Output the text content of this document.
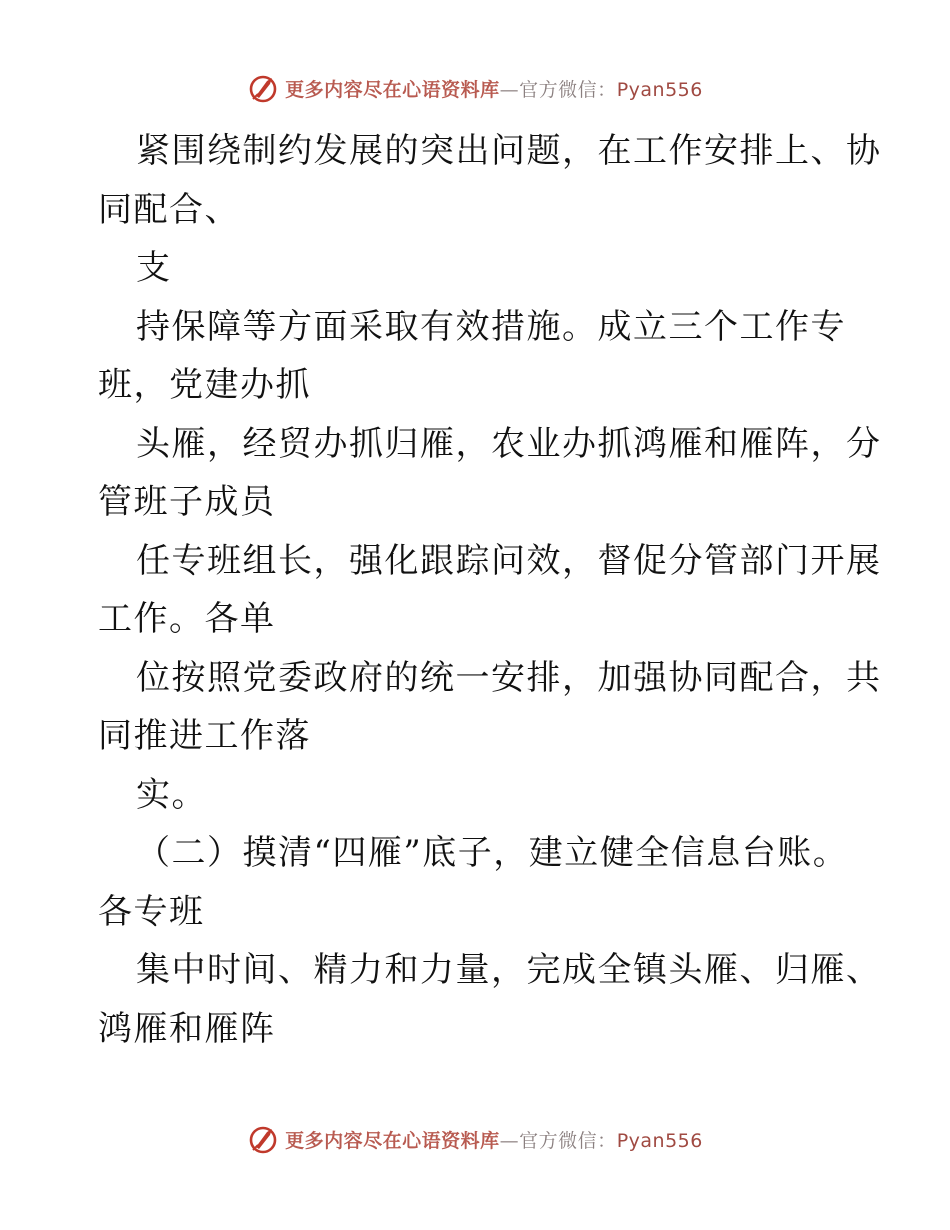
更多内容尽在心语资料库—官方微信：Pyan556
紧围绕制约发展的突出问题，在工作安排上、协
同配合、
支
持保障等方面采取有效措施。成立三个工作专
班，党建办抓
头雁，经贸办抓归雁，农业办抓鸿雁和雁阵，分
管班子成员
任专班组长，强化跟踪问效，督促分管部门开展
工作。各单
位按照党委政府的统一安排，加强协同配合，共
同推进工作落
实。
（二）摸清“四雁”底子，建立健全信息台账。
各专班
集中时间、精力和力量，完成全镇头雁、归雁、
鸿雁和雁阵
更多内容尽在心语资料库—官方微信：Pyan556
